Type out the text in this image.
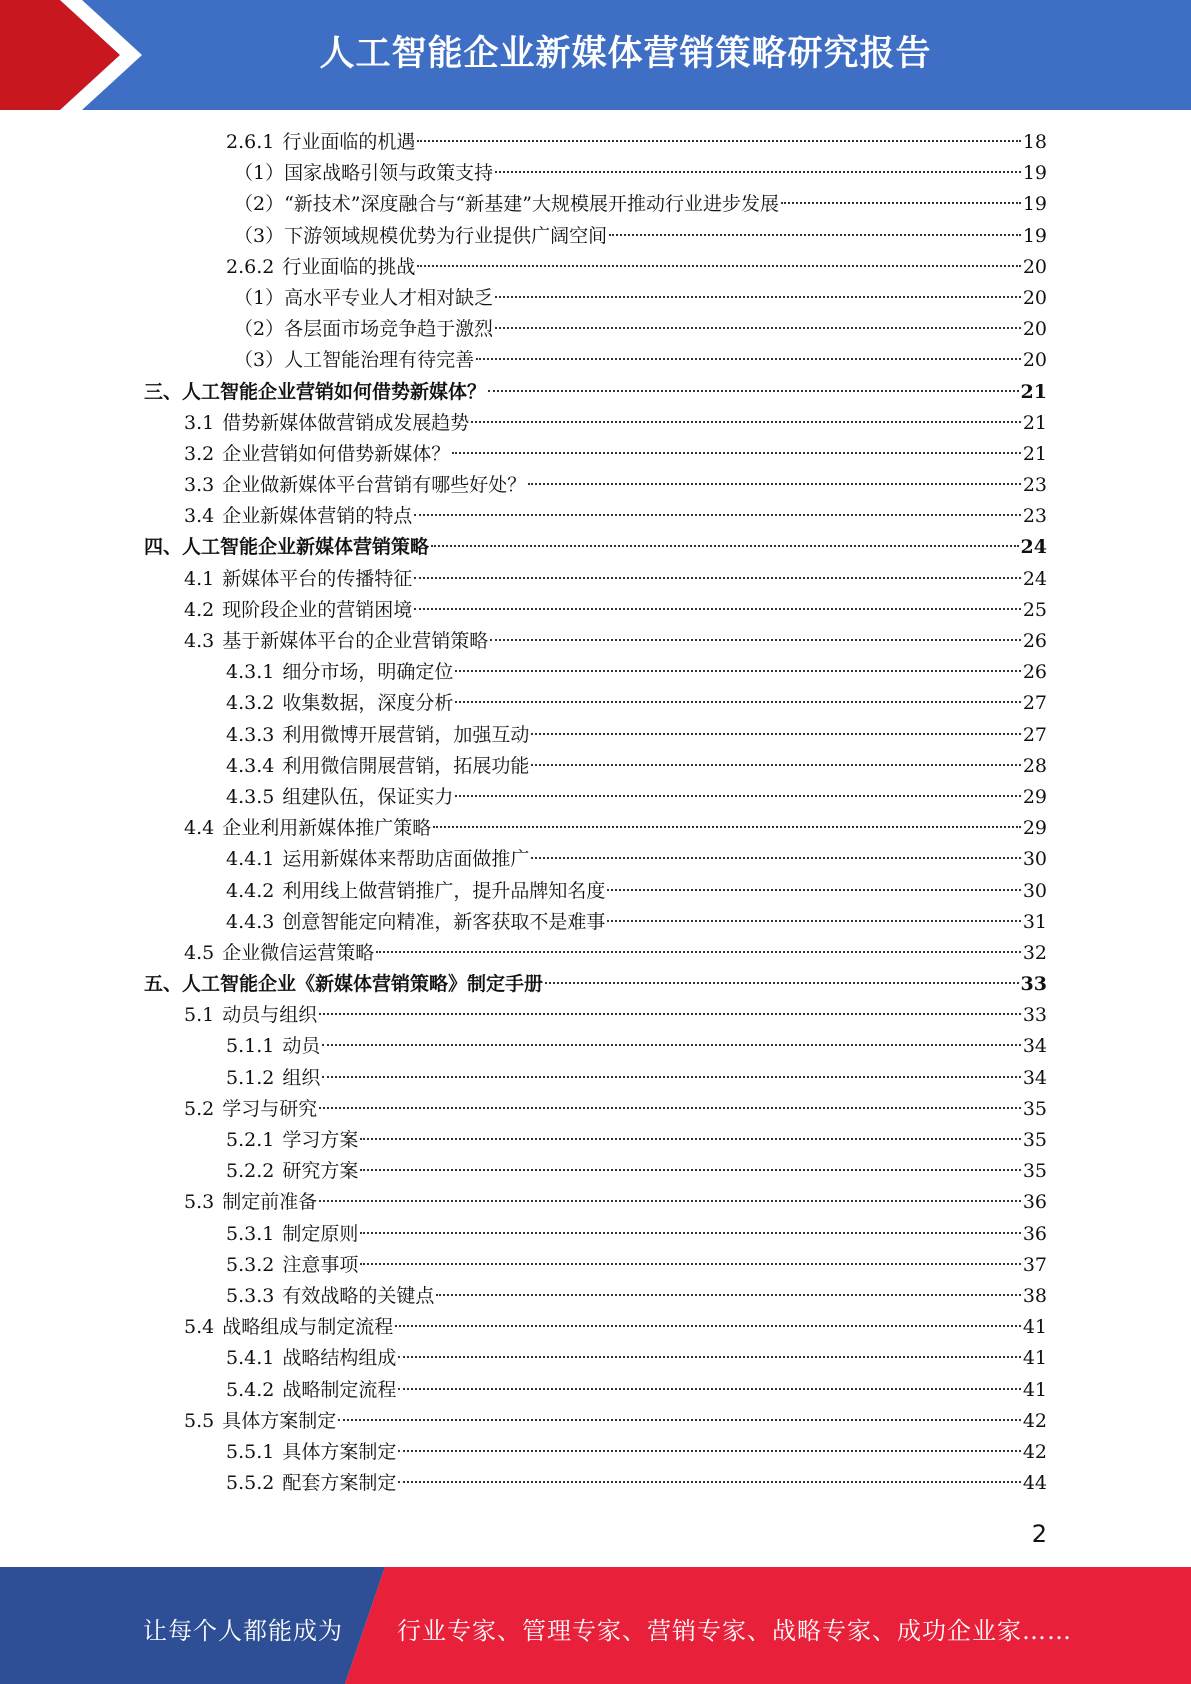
人工智能企业新媒体营销策略研究报告
2.6.1 行业面临的机遇	18
（1） 国家战略引领与政策支持	19
（2） “新技术”深度融合与“新基建”大规模展开推动行业进步发展	19
（3） 下游领域规模优势为行业提供广阔空间	19
2.6.2 行业面临的挑战	20
（1） 高水平专业人才相对缺乏	20
（2） 各层面市场竞争趋于激烈	20
（3） 人工智能治理有待完善	20
三、 人工智能企业营销如何借势新媒体？	21
3.1 借势新媒体做营销成发展趋势	21
3.2 企业营销如何借势新媒体？	21
3.3 企业做新媒体平台营销有哪些好处？	23
3.4 企业新媒体营销的特点	23
四、 人工智能企业新媒体营销策略	24
4.1 新媒体平台的传播特征	24
4.2 现阶段企业的营销困境	25
4.3 基于新媒体平台的企业营销策略	26
4.3.1 细分市场，明确定位	26
4.3.2 收集数据，深度分析	27
4.3.3 利用微博开展营销，加强互动	27
4.3.4 利用微信開展营销，拓展功能	28
4.3.5 组建队伍，保证实力	29
4.4 企业利用新媒体推广策略	29
4.4.1 运用新媒体来帮助店面做推广	30
4.4.2 利用线上做营销推广，提升品牌知名度	30
4.4.3 创意智能定向精准，新客获取不是难事	31
4.5 企业微信运营策略	32
五、 人工智能企业《新媒体营销策略》制定手册	33
5.1 动员与组织	33
5.1.1 动员	34
5.1.2 组织	34
5.2 学习与研究	35
5.2.1 学习方案	35
5.2.2 研究方案	35
5.3 制定前准备	36
5.3.1 制定原则	36
5.3.2 注意事项	37
5.3.3 有效战略的关键点	38
5.4 战略组成与制定流程	41
5.4.1 战略结构组成	41
5.4.2 战略制定流程	41
5.5 具体方案制定	42
5.5.1 具体方案制定	42
5.5.2 配套方案制定	44
2
让每个人都能成为 行业专家、管理专家、营销专家、战略专家、成功企业家……
